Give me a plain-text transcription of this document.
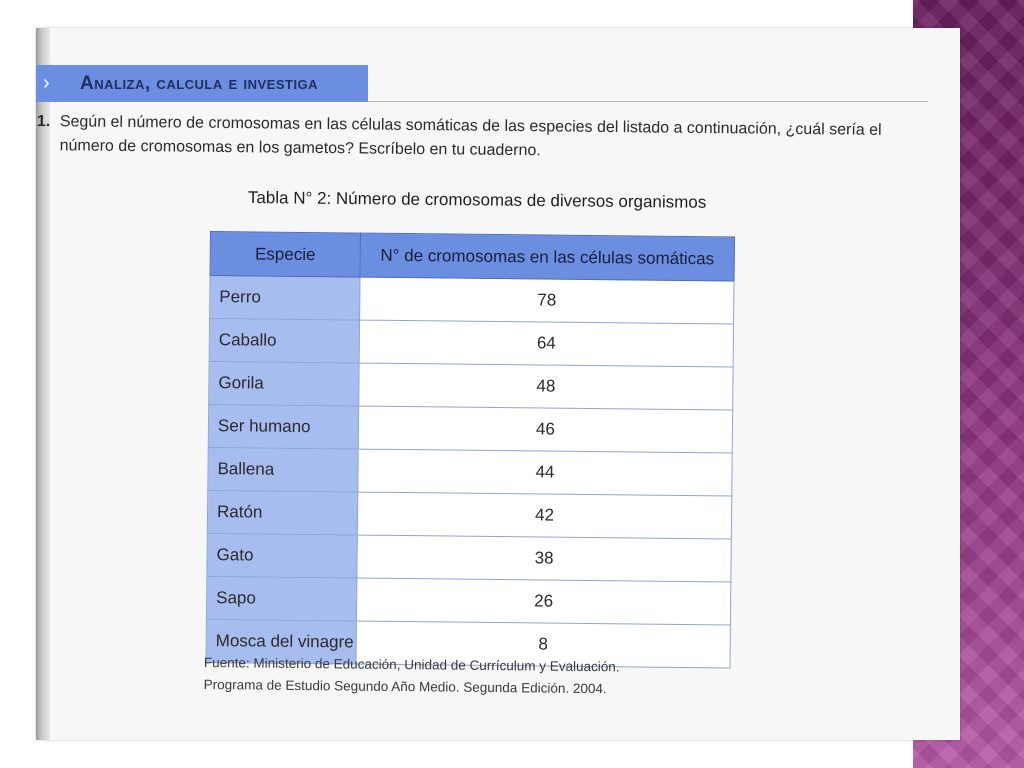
› Analiza, calcula e investiga
1. Según el número de cromosomas en las células somáticas de las especies del listado a continuación, ¿cuál sería el número de cromosomas en los gametos? Escríbelo en tu cuaderno.
Tabla N° 2: Número de cromosomas de diversos organismos
Especie	N° de cromosomas en las células somáticas
Perro	78
Caballo	64
Gorila	48
Ser humano	46
Ballena	44
Ratón	42
Gato	38
Sapo	26
Mosca del vinagre	8
Fuente: Ministerio de Educación, Unidad de Currículum y Evaluación.
Programa de Estudio Segundo Año Medio. Segunda Edición. 2004.
